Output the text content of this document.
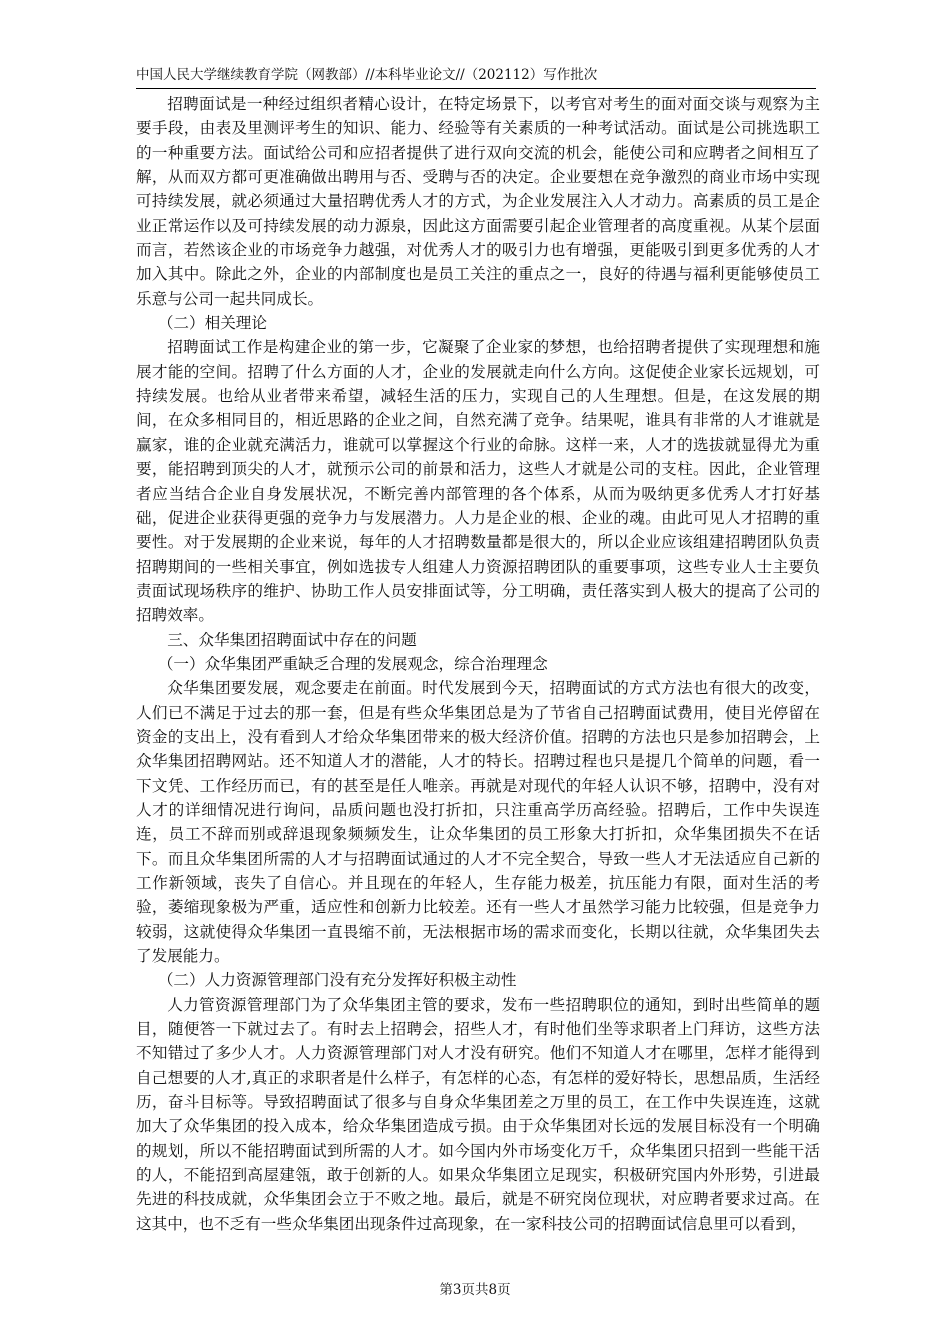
中国人民大学继续教育学院（网教部）//本科毕业论文//（202112）写作批次

招聘面试是一种经过组织者精心设计，在特定场景下，以考官对考生的面对面交谈与观察为主要手段，由表及里测评考生的知识、能力、经验等有关素质的一种考试活动。面试是公司挑选职工的一种重要方法。面试给公司和应招者提供了进行双向交流的机会，能使公司和应聘者之间相互了解，从而双方都可更准确做出聘用与否、受聘与否的决定。企业要想在竞争激烈的商业市场中实现可持续发展，就必须通过大量招聘优秀人才的方式，为企业发展注入人才动力。高素质的员工是企业正常运作以及可持续发展的动力源泉，因此这方面需要引起企业管理者的高度重视。从某个层面而言，若然该企业的市场竞争力越强，对优秀人才的吸引力也有增强，更能吸引到更多优秀的人才加入其中。除此之外，企业的内部制度也是员工关注的重点之一，良好的待遇与福利更能够使员工乐意与公司一起共同成长。

（二）相关理论

招聘面试工作是构建企业的第一步，它凝聚了企业家的梦想，也给招聘者提供了实现理想和施展才能的空间。招聘了什么方面的人才，企业的发展就走向什么方向。这促使企业家长远规划，可持续发展。也给从业者带来希望，减轻生活的压力，实现自己的人生理想。但是，在这发展的期间，在众多相同目的，相近思路的企业之间，自然充满了竞争。结果呢，谁具有非常的人才谁就是赢家，谁的企业就充满活力，谁就可以掌握这个行业的命脉。这样一来，人才的选拔就显得尤为重要，能招聘到顶尖的人才，就预示公司的前景和活力，这些人才就是公司的支柱。因此，企业管理者应当结合企业自身发展状况，不断完善内部管理的各个体系，从而为吸纳更多优秀人才打好基础，促进企业获得更强的竞争力与发展潜力。人力是企业的根、企业的魂。由此可见人才招聘的重要性。对于发展期的企业来说，每年的人才招聘数量都是很大的，所以企业应该组建招聘团队负责招聘期间的一些相关事宜，例如选拔专人组建人力资源招聘团队的重要事项，这些专业人士主要负责面试现场秩序的维护、协助工作人员安排面试等，分工明确，责任落实到人极大的提高了公司的招聘效率。

三、众华集团招聘面试中存在的问题

（一）众华集团严重缺乏合理的发展观念，综合治理理念

众华集团要发展，观念要走在前面。时代发展到今天，招聘面试的方式方法也有很大的改变，人们已不满足于过去的那一套，但是有些众华集团总是为了节省自己招聘面试费用，使目光停留在资金的支出上，没有看到人才给众华集团带来的极大经济价值。招聘的方法也只是参加招聘会，上众华集团招聘网站。还不知道人才的潜能，人才的特长。招聘过程也只是提几个简单的问题，看一下文凭、工作经历而已，有的甚至是任人唯亲。再就是对现代的年轻人认识不够，招聘中，没有对人才的详细情况进行询问，品质问题也没打折扣，只注重高学历高经验。招聘后，工作中失误连连，员工不辞而别或辞退现象频频发生，让众华集团的员工形象大打折扣，众华集团损失不在话下。而且众华集团所需的人才与招聘面试通过的人才不完全契合，导致一些人才无法适应自己新的工作新领域，丧失了自信心。并且现在的年轻人，生存能力极差，抗压能力有限，面对生活的考验，萎缩现象极为严重，适应性和创新力比较差。还有一些人才虽然学习能力比较强，但是竞争力较弱，这就使得众华集团一直畏缩不前，无法根据市场的需求而变化，长期以往就，众华集团失去了发展能力。

（二）人力资源管理部门没有充分发挥好积极主动性

人力管资源管理部门为了众华集团主管的要求，发布一些招聘职位的通知，到时出些简单的题目，随便答一下就过去了。有时去上招聘会，招些人才，有时他们坐等求职者上门拜访，这些方法不知错过了多少人才。人力资源管理部门对人才没有研究。他们不知道人才在哪里，怎样才能得到自己想要的人才,真正的求职者是什么样子，有怎样的心态，有怎样的爱好特长，思想品质，生活经历，奋斗目标等。导致招聘面试了很多与自身众华集团差之万里的员工，在工作中失误连连，这就加大了众华集团的投入成本，给众华集团造成亏损。由于众华集团对长远的发展目标没有一个明确的规划，所以不能招聘面试到所需的人才。如今国内外市场变化万千，众华集团只招到一些能干活的人，不能招到高屋建瓴，敢于创新的人。如果众华集团立足现实，积极研究国内外形势，引进最先进的科技成就，众华集团会立于不败之地。最后，就是不研究岗位现状，对应聘者要求过高。在这其中，也不乏有一些众华集团出现条件过高现象，在一家科技公司的招聘面试信息里可以看到，

第3页共8页
